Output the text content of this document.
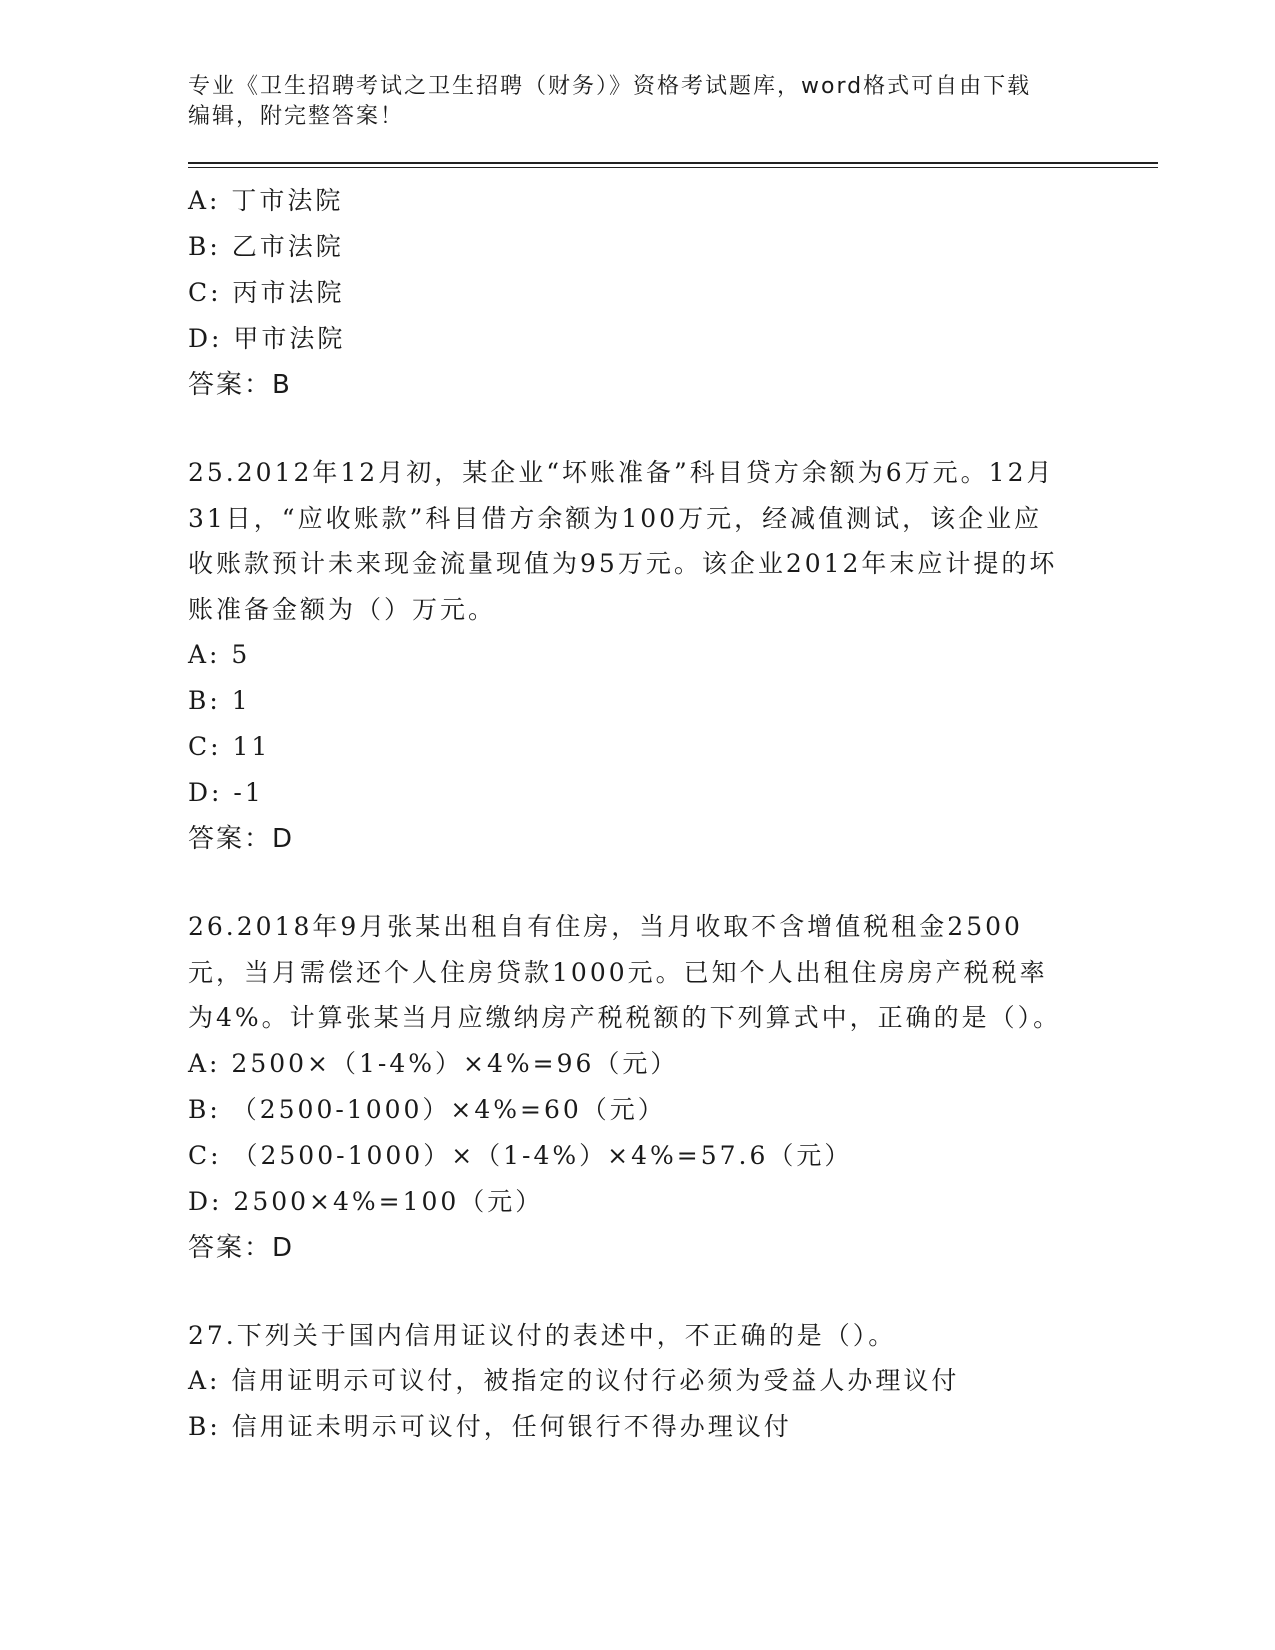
专业《卫生招聘考试之卫生招聘（财务）》资格考试题库，word格式可自由下载
编辑，附完整答案！
A: 丁市法院
B: 乙市法院
C: 丙市法院
D: 甲市法院
答案：B
25.2012年12月初，某企业“坏账准备”科目贷方余额为6万元。12月31日，“应收账款”科目借方余额为100万元，经减值测试，该企业应收账款预计未来现金流量现值为95万元。该企业2012年末应计提的坏账准备金额为（）万元。
A: 5
B: 1
C: 11
D: -1
答案：D
26.2018年9月张某出租自有住房，当月收取不含增值税租金2500元，当月需偿还个人住房贷款1000元。已知个人出租住房房产税税率为4%。计算张某当月应缴纳房产税税额的下列算式中，正确的是（）。
A: 2500×（1-4%）×4%=96（元）
B: （2500-1000）×4%=60（元）
C: （2500-1000）×（1-4%）×4%=57.6（元）
D: 2500×4%=100（元）
答案：D
27.下列关于国内信用证议付的表述中，不正确的是（）。
A: 信用证明示可议付，被指定的议付行必须为受益人办理议付
B: 信用证未明示可议付，任何银行不得办理议付
